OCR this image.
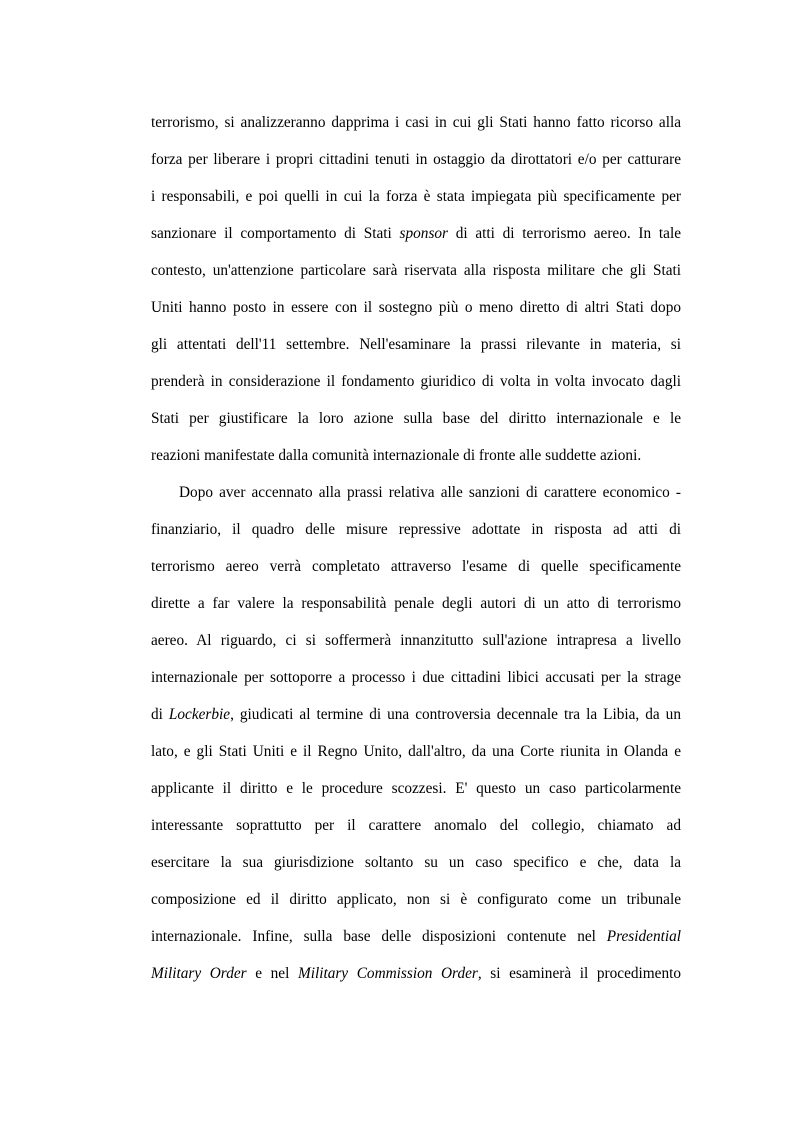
terrorismo, si analizzeranno dapprima i casi in cui gli Stati hanno fatto ricorso alla
forza per liberare i propri cittadini tenuti in ostaggio da dirottatori e/o per catturare
i responsabili, e poi quelli in cui la forza è stata impiegata più specificamente per
sanzionare il comportamento di Stati sponsor di atti di terrorismo aereo. In tale
contesto, un'attenzione particolare sarà riservata alla risposta militare che gli Stati
Uniti hanno posto in essere con il sostegno più o meno diretto di altri Stati dopo
gli attentati dell'11 settembre. Nell'esaminare la prassi rilevante in materia, si
prenderà in considerazione il fondamento giuridico di volta in volta invocato dagli
Stati per giustificare la loro azione sulla base del diritto internazionale e le
reazioni manifestate dalla comunità internazionale di fronte alle suddette azioni.
Dopo aver accennato alla prassi relativa alle sanzioni di carattere economico -
finanziario, il quadro delle misure repressive adottate in risposta ad atti di
terrorismo aereo verrà completato attraverso l'esame di quelle specificamente
dirette a far valere la responsabilità penale degli autori di un atto di terrorismo
aereo. Al riguardo, ci si soffermerà innanzitutto sull'azione intrapresa a livello
internazionale per sottoporre a processo i due cittadini libici accusati per la strage
di Lockerbie, giudicati al termine di una controversia decennale tra la Libia, da un
lato, e gli Stati Uniti e il Regno Unito, dall'altro, da una Corte riunita in Olanda e
applicante il diritto e le procedure scozzesi. E' questo un caso particolarmente
interessante soprattutto per il carattere anomalo del collegio, chiamato ad
esercitare la sua giurisdizione soltanto su un caso specifico e che, data la
composizione ed il diritto applicato, non si è configurato come un tribunale
internazionale. Infine, sulla base delle disposizioni contenute nel Presidential
Military Order e nel Military Commission Order, si esaminerà il procedimento
